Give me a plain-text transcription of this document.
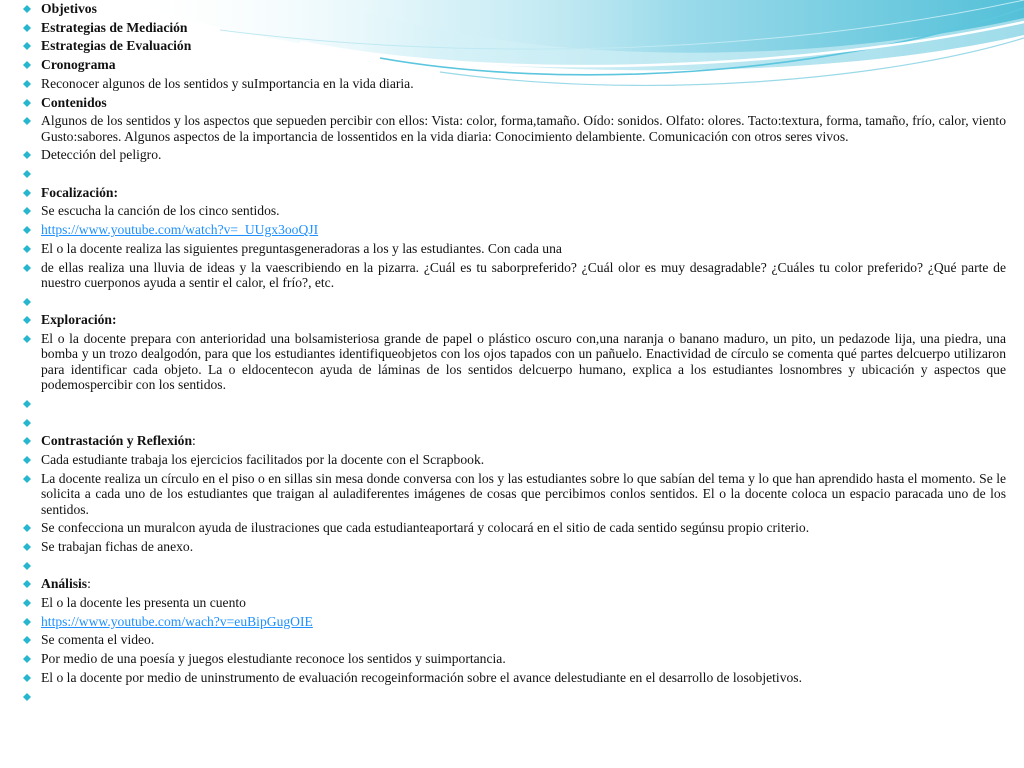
Objetivos
Estrategias de Mediación
Estrategias de Evaluación
Cronograma
Reconocer algunos de los sentidos y suImportancia en la vida diaria.
Contenidos
Algunos de los sentidos y los aspectos que sepueden percibir con ellos: Vista: color, forma,tamaño. Oído: sonidos. Olfato: olores. Tacto:textura, forma, tamaño, frío, calor, viento Gusto:sabores. Algunos aspectos de la importancia de lossentidos en la vida diaria: Conocimiento delambiente. Comunicación con otros seres vivos.
Detección del peligro.
Focalización:
Se escucha la canción de los cinco sentidos.
https://www.youtube.com/watch?v=_UUgx3ooQJI
El o la docente realiza las siguientes preguntasgeneradoras a los y las estudiantes. Con cada una
de ellas realiza una lluvia de ideas y la vaescribiendo en la pizarra. ¿Cuál es tu saborpreferido? ¿Cuál olor es muy desagradable? ¿Cuáles tu color preferido? ¿Qué parte de nuestro cuerponos ayuda a sentir el calor, el frío?, etc.
Exploración:
El o la docente prepara con anterioridad una bolsamisteriosa grande de papel o plástico oscuro con,una naranja o banano maduro, un pito, un pedazode lija, una piedra, una bomba y un trozo dealgodón, para que los estudiantes identifiqueobjetos con los ojos tapados con un pañuelo. Enactividad de círculo se comenta qué partes delcuerpo utilizaron para identificar cada objeto. La o eldocentecon ayuda de láminas de los sentidos delcuerpo humano, explica a los estudiantes losnombres y ubicación y aspectos que podemospercibir con los sentidos.
Contrastación y Reflexión:
Cada estudiante trabaja los ejercicios facilitados por la docente con el Scrapbook.
La docente realiza un círculo en el piso o en sillas sin mesa donde conversa con los y las estudiantes sobre lo que sabían del tema y lo que han aprendido hasta el momento. Se le solicita a cada uno de los estudiantes que traigan al auladiferentes imágenes de cosas que percibimos conlos sentidos. El o la docente coloca un espacio paracada uno de los sentidos.
Se confecciona un muralcon ayuda de ilustraciones que cada estudianteaportará y colocará en el sitio de cada sentido segúnsu propio criterio.
Se trabajan fichas de anexo.
Análisis:
El o la docente les presenta un cuento
https://www.youtube.com/wach?v=euBipGugOIE
Se comenta el video.
Por medio de una poesía y juegos elestudiante reconoce los sentidos y suimportancia.
El o la docente por medio de uninstrumento de evaluación recogeinformación sobre el avance delestudiante en el desarrollo de losobjetivos.
